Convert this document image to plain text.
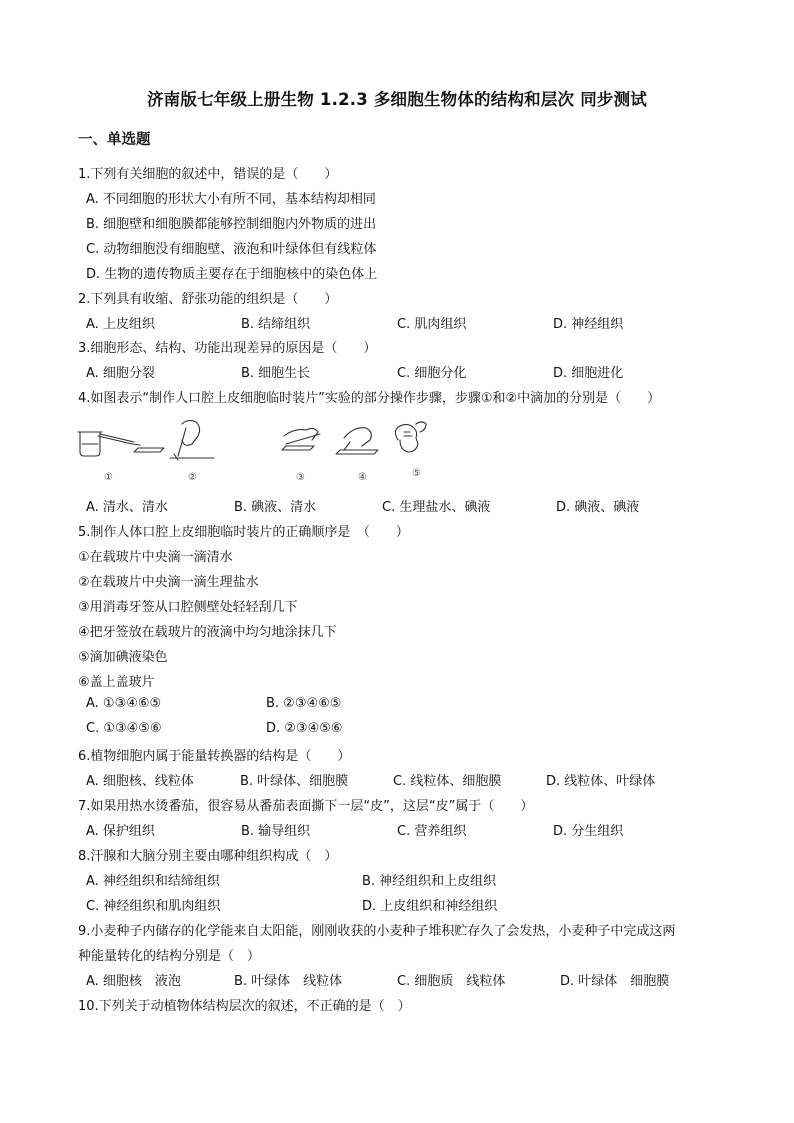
济南版七年级上册生物 1.2.3 多细胞生物体的结构和层次 同步测试
一、单选题
1.下列有关细胞的叙述中，错误的是（　　）
A. 不同细胞的形状大小有所不同，基本结构却相同
B. 细胞壁和细胞膜都能够控制细胞内外物质的进出
C. 动物细胞没有细胞壁、液泡和叶绿体但有线粒体
D. 生物的遗传物质主要存在于细胞核中的染色体上
2.下列具有收缩、舒张功能的组织是（　　）
A. 上皮组织	B. 结缔组织	C. 肌肉组织	D. 神经组织
3.细胞形态、结构、功能出现差异的原因是（　　）
A. 细胞分裂	B. 细胞生长	C. 细胞分化	D. 细胞进化
4.如图表示“制作人口腔上皮细胞临时装片”实验的部分操作步骤，步骤①和②中滴加的分别是（　　）
①	②	③	④	⑤
A. 清水、清水	B. 碘液、清水	C. 生理盐水、碘液	D. 碘液、碘液
5.制作人体口腔上皮细胞临时装片的正确顺序是　（　　）
①在载玻片中央滴一滴清水
②在载玻片中央滴一滴生理盐水
③用消毒牙签从口腔侧壁处轻轻刮几下
④把牙签放在载玻片的液滴中均匀地涂抹几下
⑤滴加碘液染色
⑥盖上盖玻片
A. ①③④⑥⑤	B. ②③④⑥⑤
C. ①③④⑤⑥	D. ②③④⑤⑥
6.植物细胞内属于能量转换器的结构是（　　）
A. 细胞核、线粒体	B. 叶绿体、细胞膜	C. 线粒体、细胞膜	D. 线粒体、叶绿体
7.如果用热水烫番茄，很容易从番茄表面撕下一层“皮”，这层“皮”属于（　　）
A. 保护组织	B. 输导组织	C. 营养组织	D. 分生组织
8.汗腺和大脑分别主要由哪种组织构成（　）
A. 神经组织和结缔组织	B. 神经组织和上皮组织
C. 神经组织和肌肉组织	D. 上皮组织和神经组织
9.小麦种子内储存的化学能来自太阳能，刚刚收获的小麦种子堆积贮存久了会发热，小麦种子中完成这两
种能量转化的结构分别是（　）
A. 细胞核　液泡	B. 叶绿体　线粒体	C. 细胞质　线粒体	D. 叶绿体　细胞膜
10.下列关于动植物体结构层次的叙述，不正确的是（　）
